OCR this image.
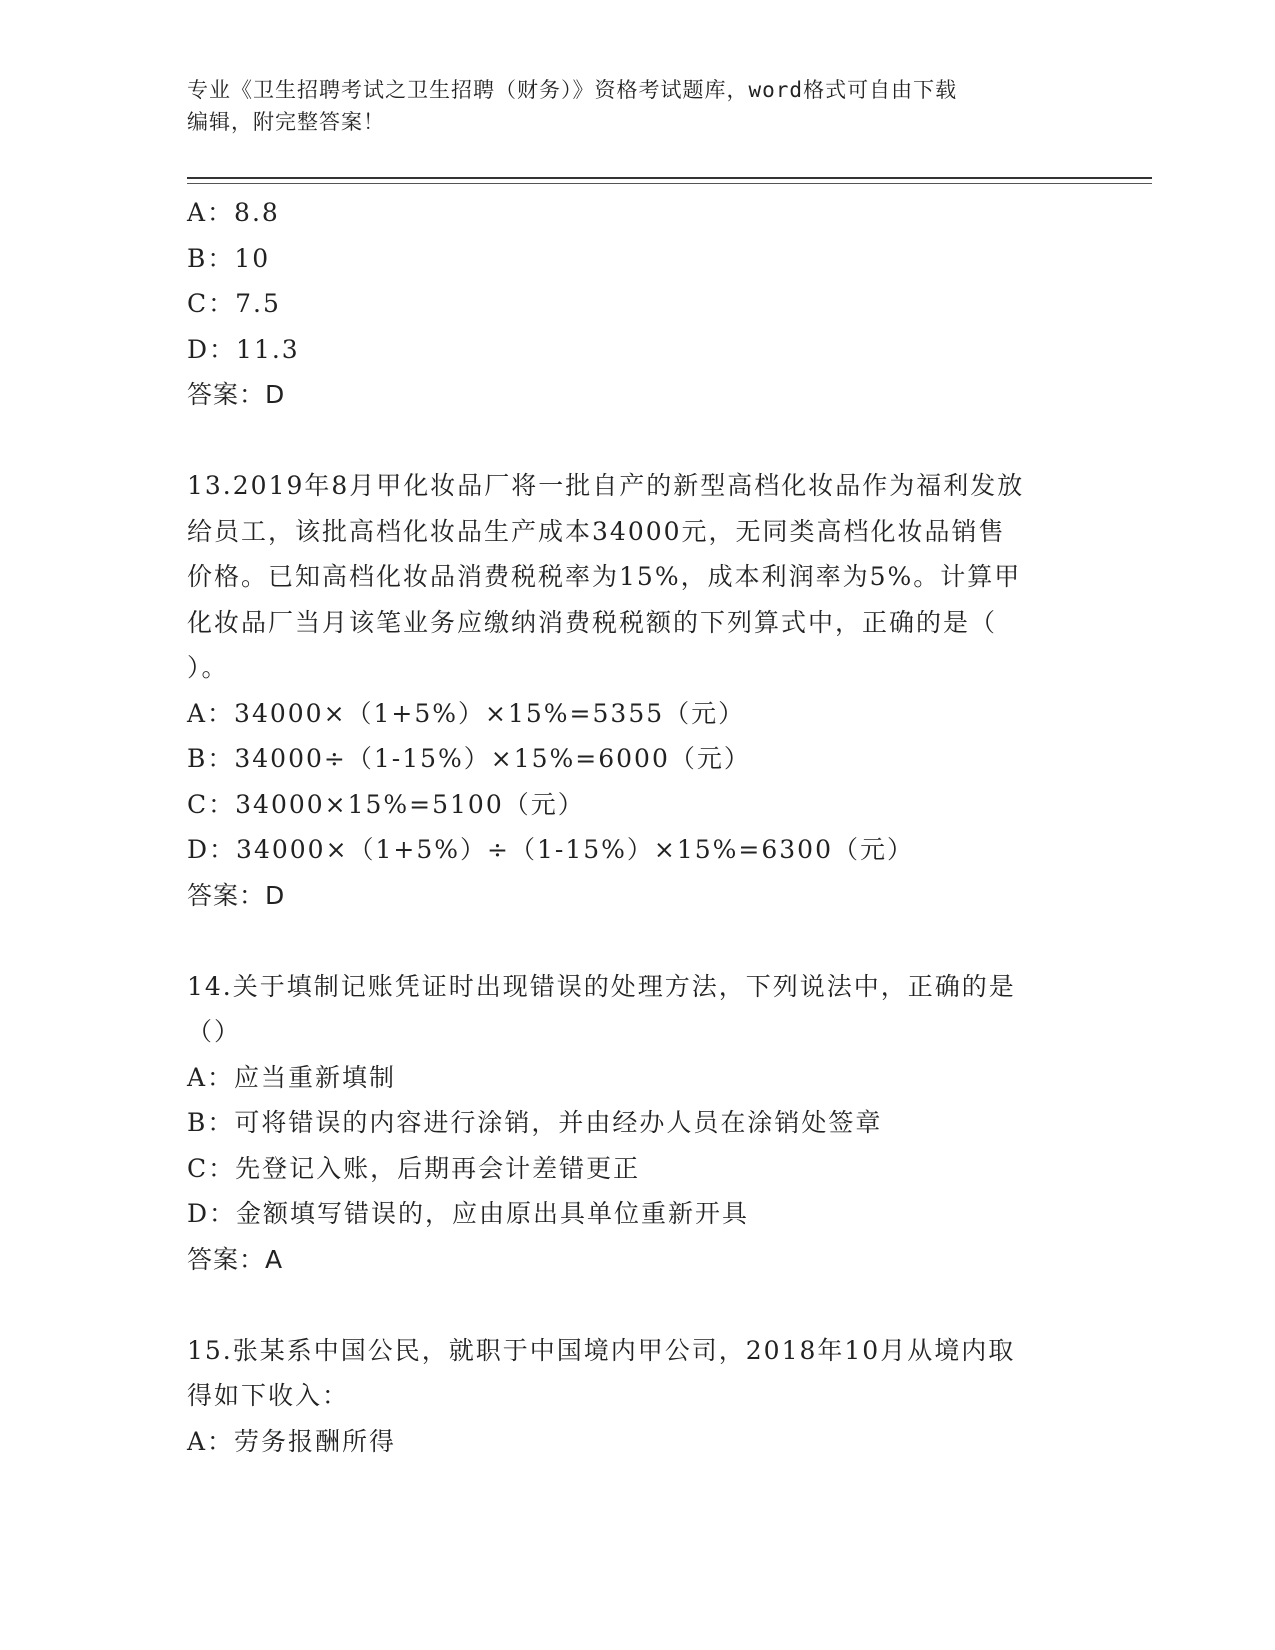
专业《卫生招聘考试之卫生招聘（财务）》资格考试题库，word格式可自由下载
编辑，附完整答案！

A：8.8

B：10

C：7.5

D：11.3

答案：D

13.2019年8月甲化妆品厂将一批自产的新型高档化妆品作为福利发放

给员工，该批高档化妆品生产成本34000元，无同类高档化妆品销售

价格。已知高档化妆品消费税税率为15%，成本利润率为5%。计算甲

化妆品厂当月该笔业务应缴纳消费税税额的下列算式中，正确的是（

）。

A：34000×（1+5%）×15%=5355（元）

B：34000÷（1-15%）×15%=6000（元）

C：34000×15%=5100（元）

D：34000×（1+5%）÷（1-15%）×15%=6300（元）

答案：D

14.关于填制记账凭证时出现错误的处理方法，下列说法中，正确的是

（）

A：应当重新填制

B：可将错误的内容进行涂销，并由经办人员在涂销处签章

C：先登记入账，后期再会计差错更正

D：金额填写错误的，应由原出具单位重新开具

答案：A

15.张某系中国公民，就职于中国境内甲公司，2018年10月从境内取

得如下收入：

A：劳务报酬所得
